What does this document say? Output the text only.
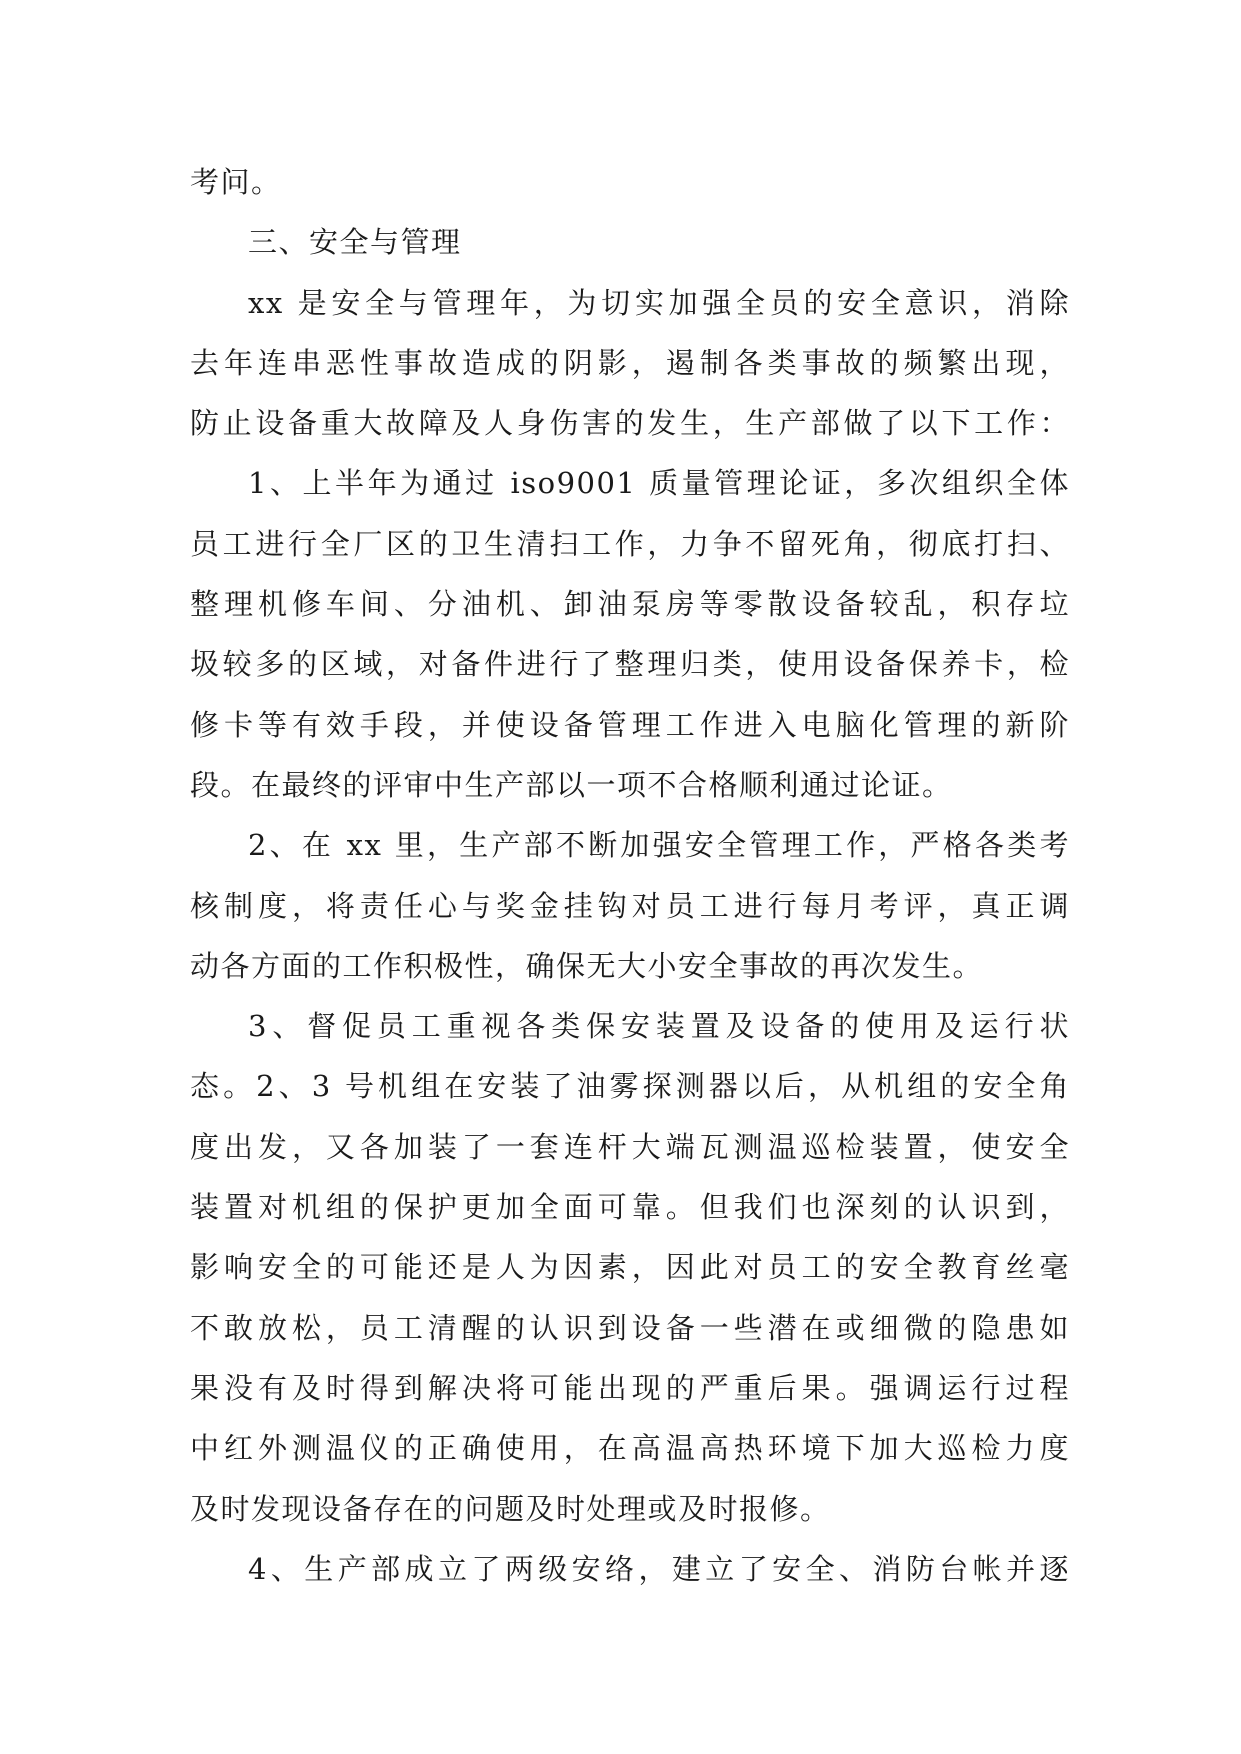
考问。
三、安全与管理
xx 是安全与管理年，为切实加强全员的安全意识，消除
去年连串恶性事故造成的阴影，遏制各类事故的频繁出现，
防止设备重大故障及人身伤害的发生，生产部做了以下工作：
1、上半年为通过 iso9001 质量管理论证，多次组织全体
员工进行全厂区的卫生清扫工作，力争不留死角，彻底打扫、
整理机修车间、分油机、卸油泵房等零散设备较乱，积存垃
圾较多的区域，对备件进行了整理归类，使用设备保养卡，检
修卡等有效手段，并使设备管理工作进入电脑化管理的新阶
段。在最终的评审中生产部以一项不合格顺利通过论证。
2、在 xx 里，生产部不断加强安全管理工作，严格各类考
核制度，将责任心与奖金挂钩对员工进行每月考评，真正调
动各方面的工作积极性，确保无大小安全事故的再次发生。
3、督促员工重视各类保安装置及设备的使用及运行状
态。2、3 号机组在安装了油雾探测器以后，从机组的安全角
度出发，又各加装了一套连杆大端瓦测温巡检装置，使安全
装置对机组的保护更加全面可靠。但我们也深刻的认识到，
影响安全的可能还是人为因素，因此对员工的安全教育丝毫
不敢放松，员工清醒的认识到设备一些潜在或细微的隐患如
果没有及时得到解决将可能出现的严重后果。强调运行过程
中红外测温仪的正确使用，在高温高热环境下加大巡检力度
及时发现设备存在的问题及时处理或及时报修。
4、生产部成立了两级安络，建立了安全、消防台帐并逐
